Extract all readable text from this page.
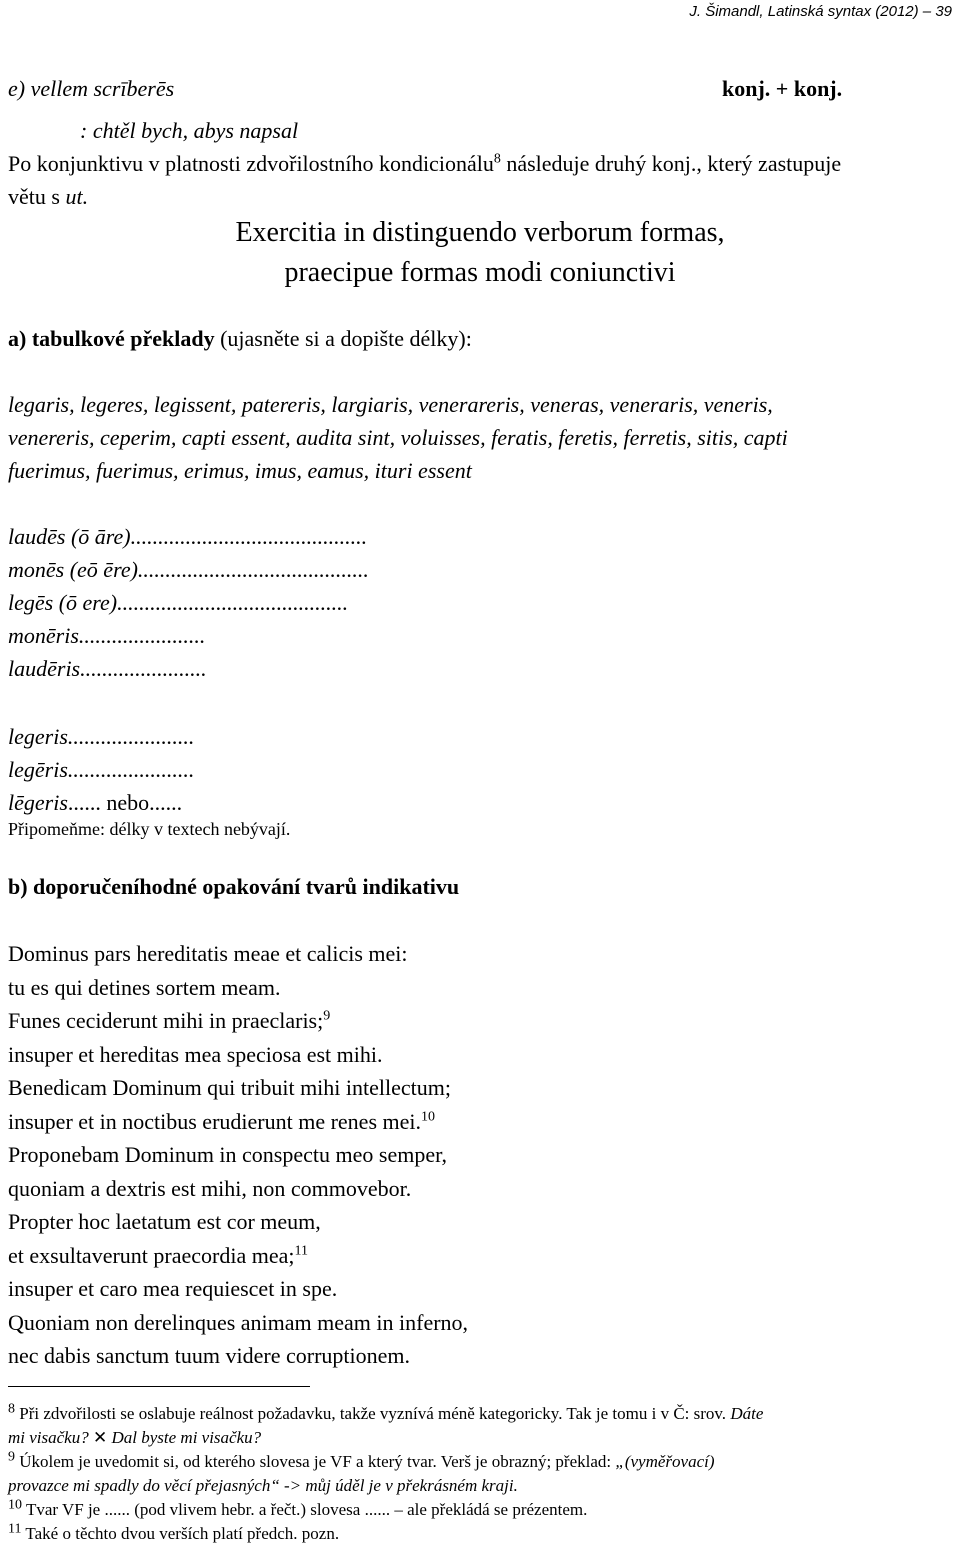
J. Šimandl, Latinská syntax (2012) – 39
e) vellem scrīberēs	konj. + konj.
: chtěl bych, abys napsal
Po konjunktivu v platnosti zdvořilostního kondicionálu$^8$ následuje druhý konj., který zastupuje
větu s ut.
Exercitia in distinguendo verborum formas,
praecipue formas modi coniunctivi
a) tabulkové překlady (ujasněte si a dopište délky):
legaris, legeres, legissent, patereris, largiaris, venerareris, veneras, veneraris, veneris,
venereris, ceperim, capti essent, audita sint, voluisses, feratis, feretis, ferretis, sitis, capti
fuerimus, fuerimus, erimus, imus, eamus, ituri essent
laudēs (ō āre)...........................................
monēs (eō ēre)..........................................
legēs (ō ere)..........................................
monēris.......................
laudēris.......................
legeris.......................
legēris.......................
lēgeris...... nebo......
Připomeňme: délky v textech nebývají.
b) doporučeníhodné opakování tvarů indikativu
Dominus pars hereditatis meae et calicis mei:
tu es qui detines sortem meam.
Funes ceciderunt mihi in praeclaris;$^9$
insuper et hereditas mea speciosa est mihi.
Benedicam Dominum qui tribuit mihi intellectum;
insuper et in noctibus erudierunt me renes mei.$^{10}$
Proponebam Dominum in conspectu meo semper,
quoniam a dextris est mihi, non commovebor.
Propter hoc laetatum est cor meum,
et exsultaverunt praecordia mea;$^{11}$
insuper et caro mea requiescet in spe.
Quoniam non derelinques animam meam in inferno,
nec dabis sanctum tuum videre corruptionem.
$^8$ Při zdvořilosti se oslabuje reálnost požadavku, takže vyznívá méně kategoricky. Tak je tomu i v Č: srov. Dáte
mi visačku? ✕ Dal byste mi visačku?
$^9$ Úkolem je uvedomit si, od kterého slovesa je VF a který tvar. Verš je obrazný; překlad: „(vyměřovací)
provazce mi spadly do věcí přejasných“ -> můj úděl je v překrásném kraji.
$^{10}$ Tvar VF je ...... (pod vlivem hebr. a řečt.) slovesa ...... – ale překládá se prézentem.
$^{11}$ Také o těchto dvou verších platí předch. pozn.
